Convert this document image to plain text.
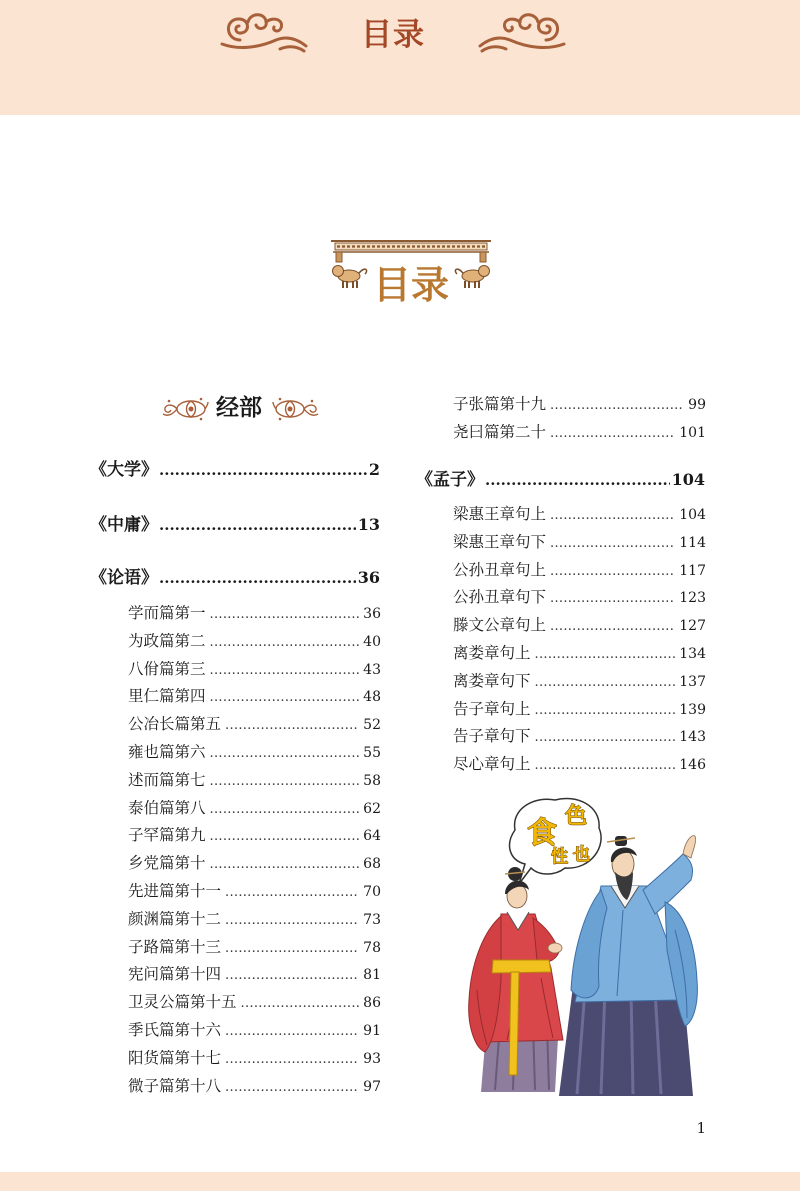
目录
目录
经部
《大学》 .....	2
《中庸》 .....	13
《论语》 .....	36
学而篇第一 .....	36
为政篇第二 .....	40
八佾篇第三 .....	43
里仁篇第四 .....	48
公冶长篇第五 .....	52
雍也篇第六 .....	55
述而篇第七 .....	58
泰伯篇第八 .....	62
子罕篇第九 .....	64
乡党篇第十 .....	68
先进篇第十一 .....	70
颜渊篇第十二 .....	73
子路篇第十三 .....	78
宪问篇第十四 .....	81
卫灵公篇第十五 .....	86
季氏篇第十六 .....	91
阳货篇第十七 .....	93
微子篇第十八 .....	97
子张篇第十九 .....	99
尧曰篇第二十 .....	101
《孟子》 .....	104
梁惠王章句上 .....	104
梁惠王章句下 .....	114
公孙丑章句上 .....	117
公孙丑章句下 .....	123
滕文公章句上 .....	127
离娄章句上 .....	134
离娄章句下 .....	137
告子章句上 .....	139
告子章句下 .....	143
尽心章句上 .....	146
食 色
性 也
1
